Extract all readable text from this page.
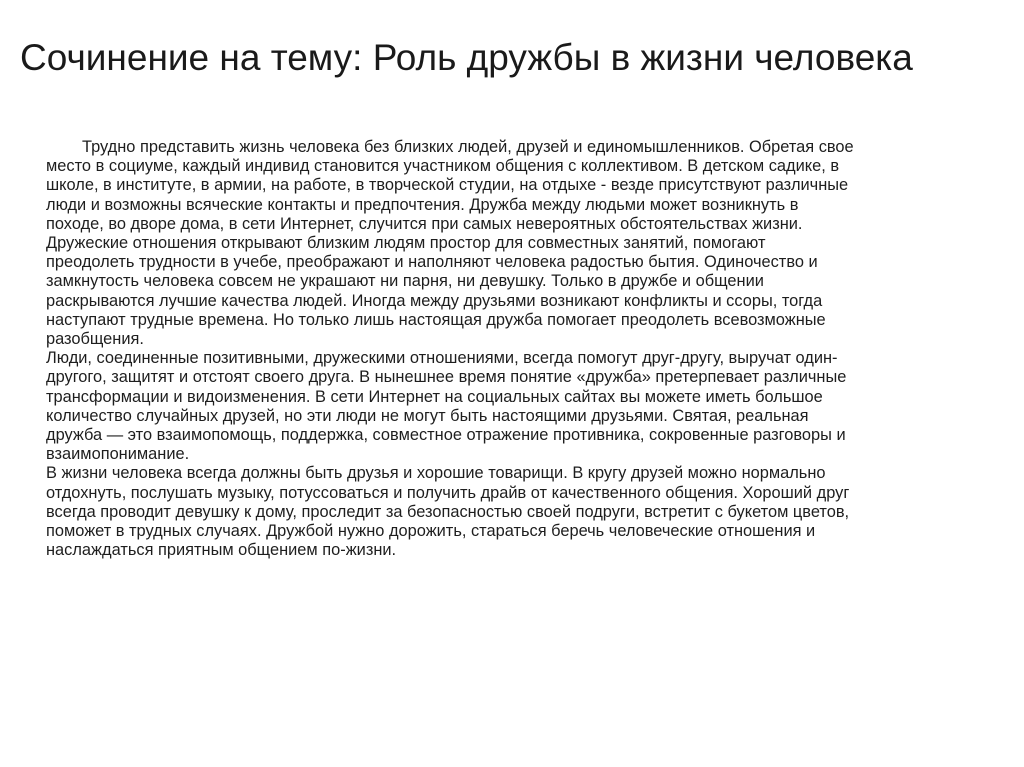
Сочинение на тему: Роль дружбы в жизни человека
Трудно представить жизнь человека без близких людей, друзей и единомышленников. Обретая свое
место в социуме, каждый индивид становится участником общения с коллективом. В детском садике, в
школе, в институте, в армии, на работе, в творческой студии, на отдыхе - везде присутствуют различные
люди и возможны всяческие контакты и предпочтения. Дружба между людьми может возникнуть в
походе, во дворе дома, в сети Интернет, случится при самых невероятных обстоятельствах жизни.
Дружеские отношения открывают близким людям простор для совместных занятий, помогают
преодолеть трудности в учебе, преображают и наполняют человека радостью бытия. Одиночество и
замкнутость человека совсем не украшают ни парня, ни девушку. Только в дружбе и общении
раскрываются лучшие качества людей. Иногда между друзьями возникают конфликты и ссоры, тогда
наступают трудные времена. Но только лишь настоящая дружба помогает преодолеть всевозможные
разобщения.
Люди, соединенные позитивными, дружескими отношениями, всегда помогут друг-другу, выручат один-
другого, защитят и отстоят своего друга. В нынешнее время понятие «дружба» претерпевает различные
трансформации и видоизменения. В сети Интернет на социальных сайтах вы можете иметь большое
количество случайных друзей, но эти люди не могут быть настоящими друзьями. Святая, реальная
дружба — это взаимопомощь, поддержка, совместное отражение противника, сокровенные разговоры и
взаимопонимание.
В жизни человека всегда должны быть друзья и хорошие товарищи. В кругу друзей можно нормально
отдохнуть, послушать музыку, потуссоваться и получить драйв от качественного общения. Хороший друг
всегда проводит девушку к дому, проследит за безопасностью своей подруги, встретит с букетом цветов,
поможет в трудных случаях. Дружбой нужно дорожить, стараться беречь человеческие отношения и
наслаждаться приятным общением по-жизни.
